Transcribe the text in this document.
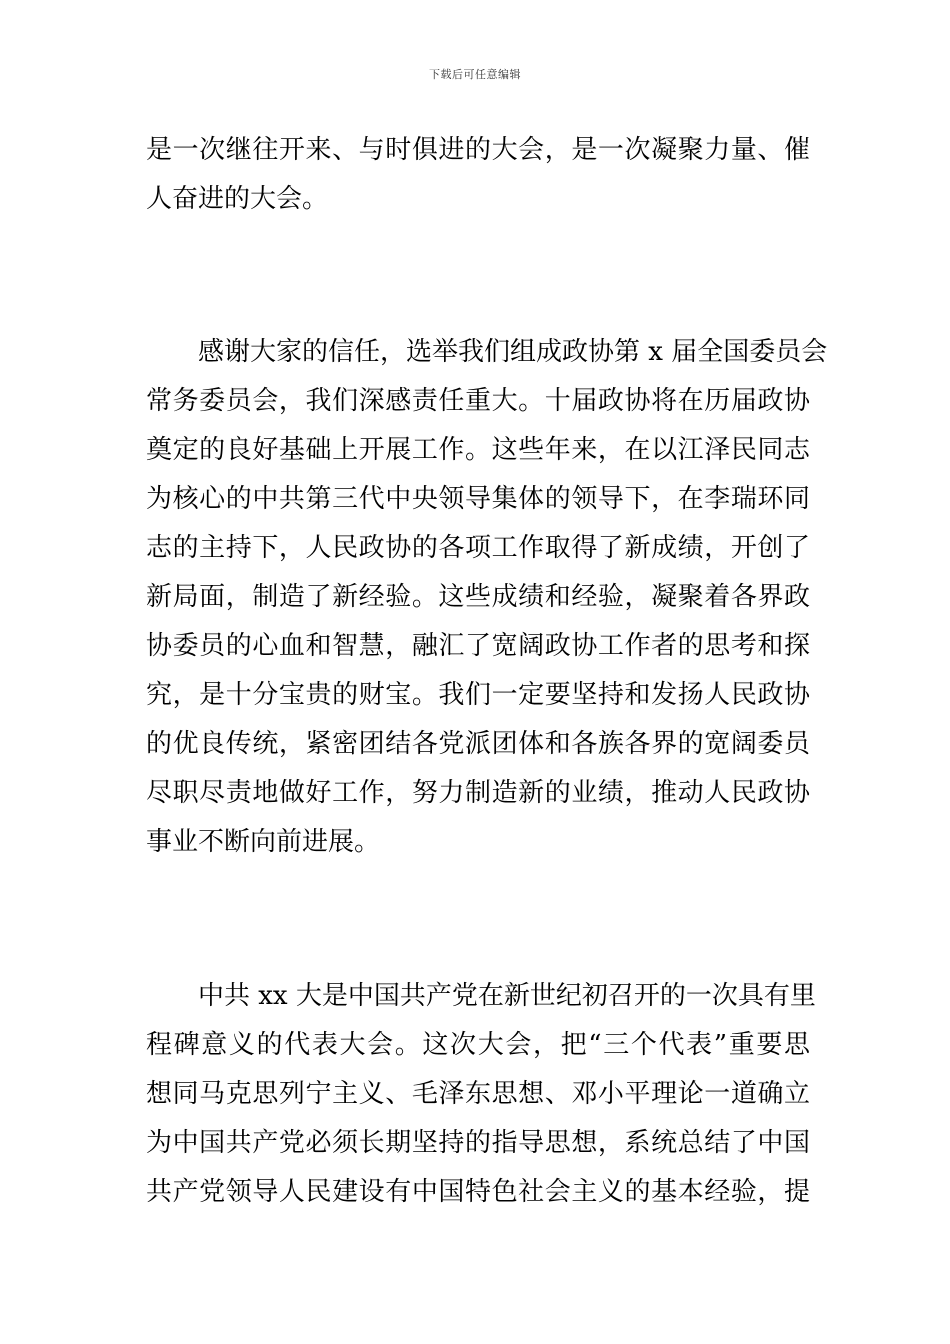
下载后可任意编辑
是一次继往开来、与时俱进的大会，是一次凝聚力量、催
人奋进的大会。
感谢大家的信任，选举我们组成政协第 x 届全国委员会
常务委员会，我们深感责任重大。十届政协将在历届政协
奠定的良好基础上开展工作。这些年来，在以江泽民同志
为核心的中共第三代中央领导集体的领导下，在李瑞环同
志的主持下，人民政协的各项工作取得了新成绩，开创了
新局面，制造了新经验。这些成绩和经验，凝聚着各界政
协委员的心血和智慧，融汇了宽阔政协工作者的思考和探
究，是十分宝贵的财宝。我们一定要坚持和发扬人民政协
的优良传统，紧密团结各党派团体和各族各界的宽阔委员
尽职尽责地做好工作，努力制造新的业绩，推动人民政协
事业不断向前进展。
中共 xx 大是中国共产党在新世纪初召开的一次具有里
程碑意义的代表大会。这次大会，把“三个代表”重要思
想同马克思列宁主义、毛泽东思想、邓小平理论一道确立
为中国共产党必须长期坚持的指导思想，系统总结了中国
共产党领导人民建设有中国特色社会主义的基本经验，提
